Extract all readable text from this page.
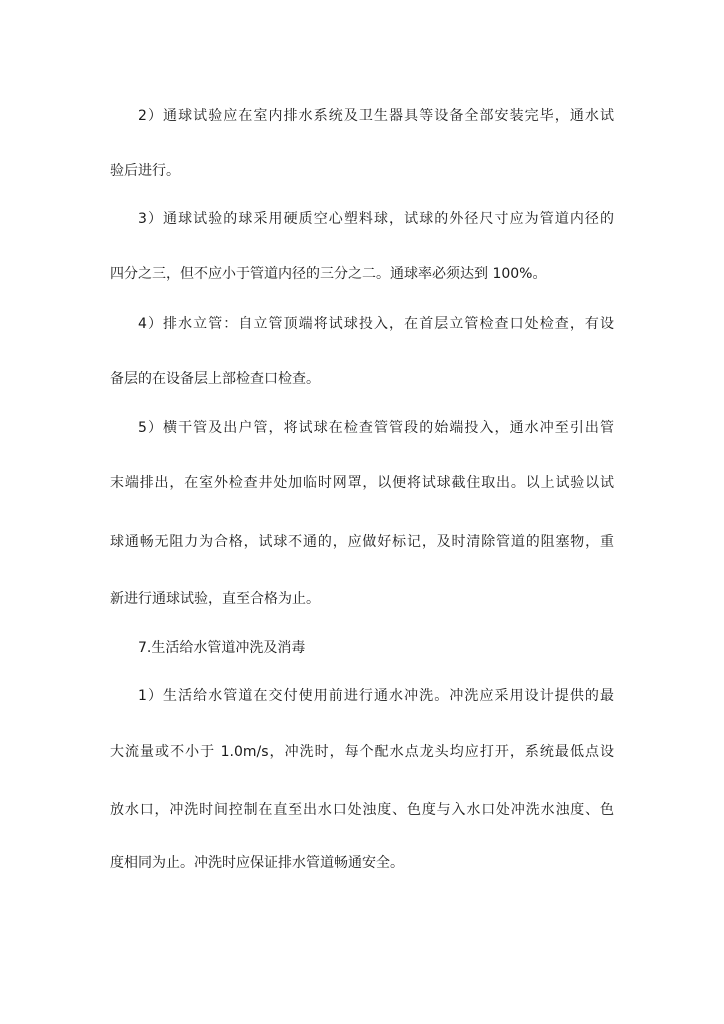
2）通球试验应在室内排水系统及卫生器具等设备全部安装完毕，通水试
验后进行。
3）通球试验的球采用硬质空心塑料球，试球的外径尺寸应为管道内径的
四分之三，但不应小于管道内径的三分之二。通球率必须达到 100%。
4）排水立管：自立管顶端将试球投入，在首层立管检查口处检查，有设
备层的在设备层上部检查口检查。
5）横干管及出户管，将试球在检查管管段的始端投入，通水冲至引出管
末端排出，在室外检查井处加临时网罩，以便将试球截住取出。以上试验以试
球通畅无阻力为合格，试球不通的，应做好标记，及时清除管道的阻塞物，重
新进行通球试验，直至合格为止。
7.生活给水管道冲洗及消毒
1）生活给水管道在交付使用前进行通水冲洗。冲洗应采用设计提供的最
大流量或不小于 1.0m/s，冲洗时，每个配水点龙头均应打开，系统最低点设
放水口，冲洗时间控制在直至出水口处浊度、色度与入水口处冲洗水浊度、色
度相同为止。冲洗时应保证排水管道畅通安全。
